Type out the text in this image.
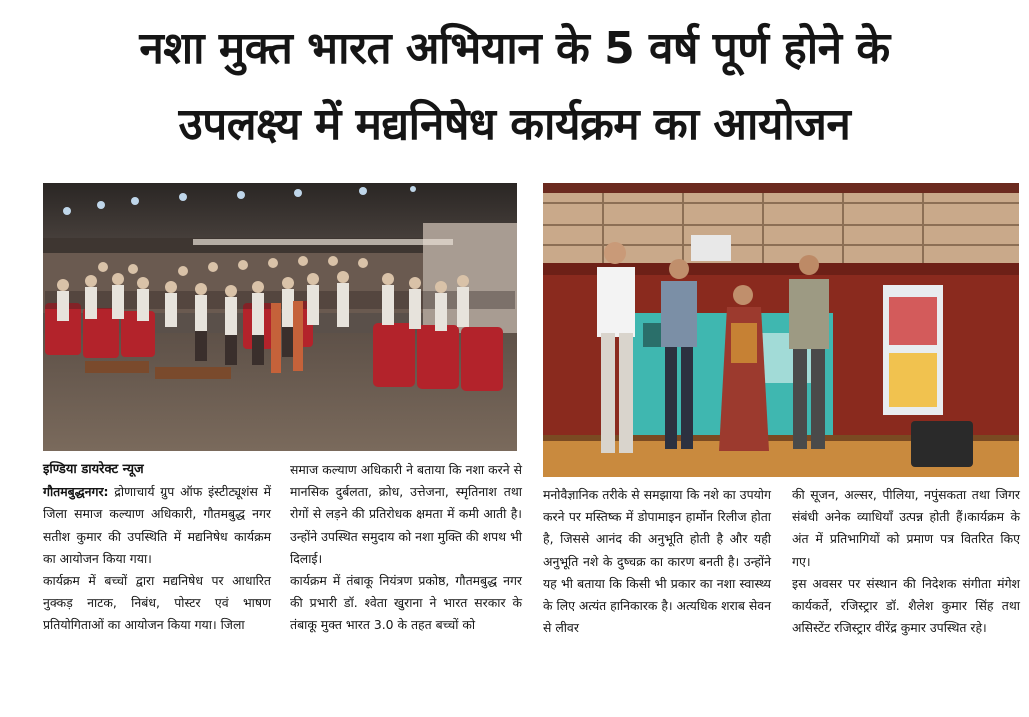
नशा मुक्त भारत अभियान के 5 वर्ष पूर्ण होने के
उपलक्ष्य में मद्यनिषेध कार्यक्रम का आयोजन

इण्डिया डायरेक्ट न्यूज

गौतमबुद्धनगर: द्रोणाचार्य ग्रुप ऑफ इंस्टीट्यूशंस में जिला समाज कल्याण अधिकारी, गौतमबुद्ध नगर सतीश कुमार की उपस्थिति में मद्यनिषेध कार्यक्रम का आयोजन किया गया।

कार्यक्रम में बच्चों द्वारा मद्यनिषेध पर आधारित नुक्कड़ नाटक, निबंध, पोस्टर एवं भाषण प्रतियोगिताओं का आयोजन किया गया। जिला

समाज कल्याण अधिकारी ने बताया कि नशा करने से मानसिक दुर्बलता, क्रोध, उत्तेजना, स्मृतिनाश तथा रोगों से लड़ने की प्रतिरोधक क्षमता में कमी आती है। उन्होंने उपस्थित समुदाय को नशा मुक्ति की शपथ भी दिलाई।

कार्यक्रम में तंबाकू नियंत्रण प्रकोष्ठ, गौतमबुद्ध नगर की प्रभारी डॉ. श्वेता खुराना ने भारत सरकार के तंबाकू मुक्त भारत 3.0 के तहत बच्चों को

मनोवैज्ञानिक तरीके से समझाया कि नशे का उपयोग करने पर मस्तिष्क में डोपामाइन हार्मोन रिलीज होता है, जिससे आनंद की अनुभूति होती है और यही अनुभूति नशे के दुष्चक्र का कारण बनती है। उन्होंने यह भी बताया कि किसी भी प्रकार का नशा स्वास्थ्य के लिए अत्यंत हानिकारक है। अत्यधिक शराब सेवन से लीवर

की सूजन, अल्सर, पीलिया, नपुंसकता तथा जिगर संबंधी अनेक व्याधियाँ उत्पन्न होती हैं।कार्यक्रम के अंत में प्रतिभागियों को प्रमाण पत्र वितरित किए गए।

इस अवसर पर संस्थान की निदेशक संगीता मंगेश कार्यकर्ते, रजिस्ट्रार डॉ. शैलेश कुमार सिंह तथा असिस्टेंट रजिस्ट्रार वीरेंद्र कुमार उपस्थित रहे।
